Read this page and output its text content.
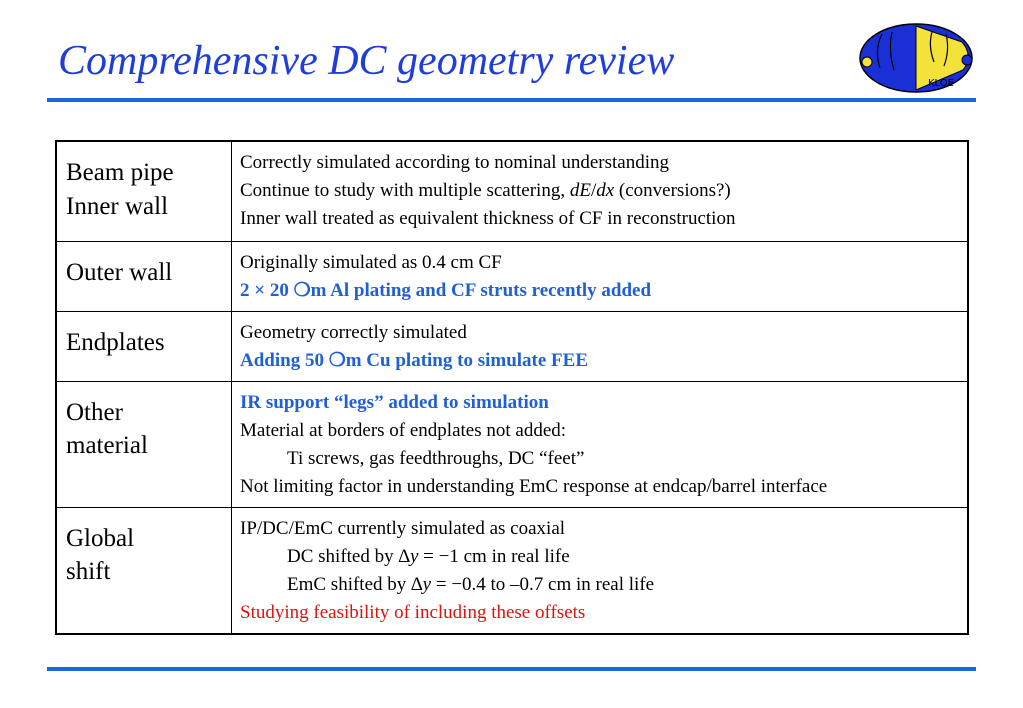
Comprehensive DC geometry review	KLOE
Beam pipe
Inner wall	Correctly simulated according to nominal understanding
Continue to study with multiple scattering, dE/dx (conversions?)
Inner wall treated as equivalent thickness of CF in reconstruction

Outer wall	Originally simulated as 0.4 cm CF
2 × 20 ❍m Al plating and CF struts recently added

Endplates	Geometry correctly simulated
Adding 50 ❍m Cu plating to simulate FEE

Other
material	IR support “legs” added to simulation
Material at borders of endplates not added:
Ti screws, gas feedthroughs, DC “feet”
Not limiting factor in understanding EmC response at endcap/barrel interface

Global
shift	IP/DC/EmC currently simulated as coaxial
DC shifted by ∆y = −1 cm in real life
EmC shifted by ∆y = −0.4 to –0.7 cm in real life
Studying feasibility of including these offsets
